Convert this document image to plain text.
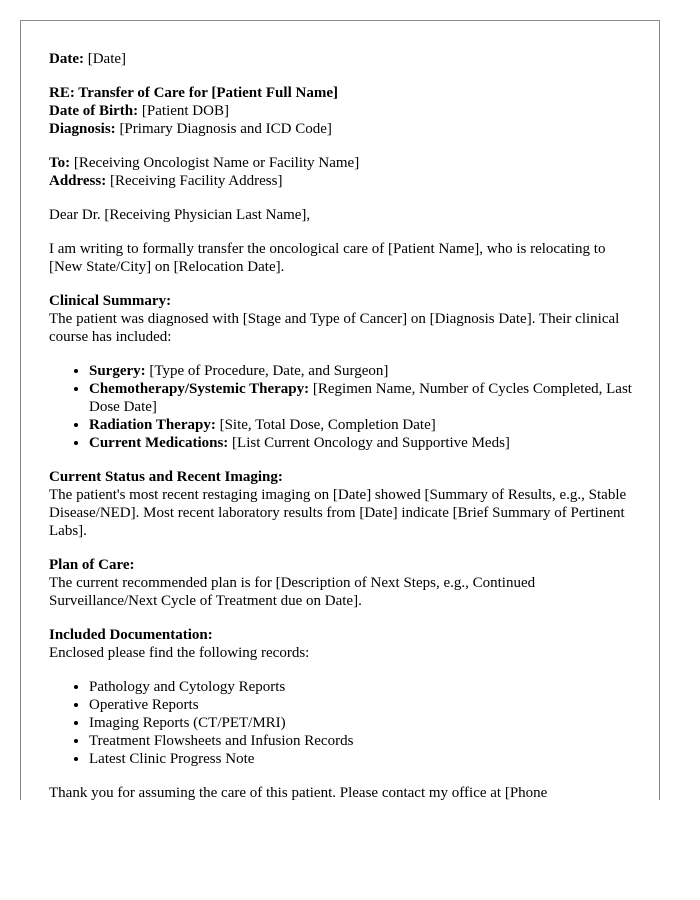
Date: [Date]

RE: Transfer of Care for [Patient Full Name]

Date of Birth: [Patient DOB]

Diagnosis: [Primary Diagnosis and ICD Code]

To: [Receiving Oncologist Name or Facility Name]

Address: [Receiving Facility Address]

Dear Dr. [Receiving Physician Last Name],

I am writing to formally transfer the oncological care of [Patient Name], who is relocating to [New State/City] on [Relocation Date].

Clinical Summary:
The patient was diagnosed with [Stage and Type of Cancer] on [Diagnosis Date]. Their clinical course has included:

• Surgery: [Type of Procedure, Date, and Surgeon]
• Chemotherapy/Systemic Therapy: [Regimen Name, Number of Cycles Completed, Last Dose Date]
• Radiation Therapy: [Site, Total Dose, Completion Date]
• Current Medications: [List Current Oncology and Supportive Meds]

Current Status and Recent Imaging:
The patient's most recent restaging imaging on [Date] showed [Summary of Results, e.g., Stable Disease/NED]. Most recent laboratory results from [Date] indicate [Brief Summary of Pertinent Labs].

Plan of Care:
The current recommended plan is for [Description of Next Steps, e.g., Continued Surveillance/Next Cycle of Treatment due on Date].

Included Documentation:
Enclosed please find the following records:

• Pathology and Cytology Reports
• Operative Reports
• Imaging Reports (CT/PET/MRI)
• Treatment Flowsheets and Infusion Records
• Latest Clinic Progress Note

Thank you for assuming the care of this patient. Please contact my office at [Phone
